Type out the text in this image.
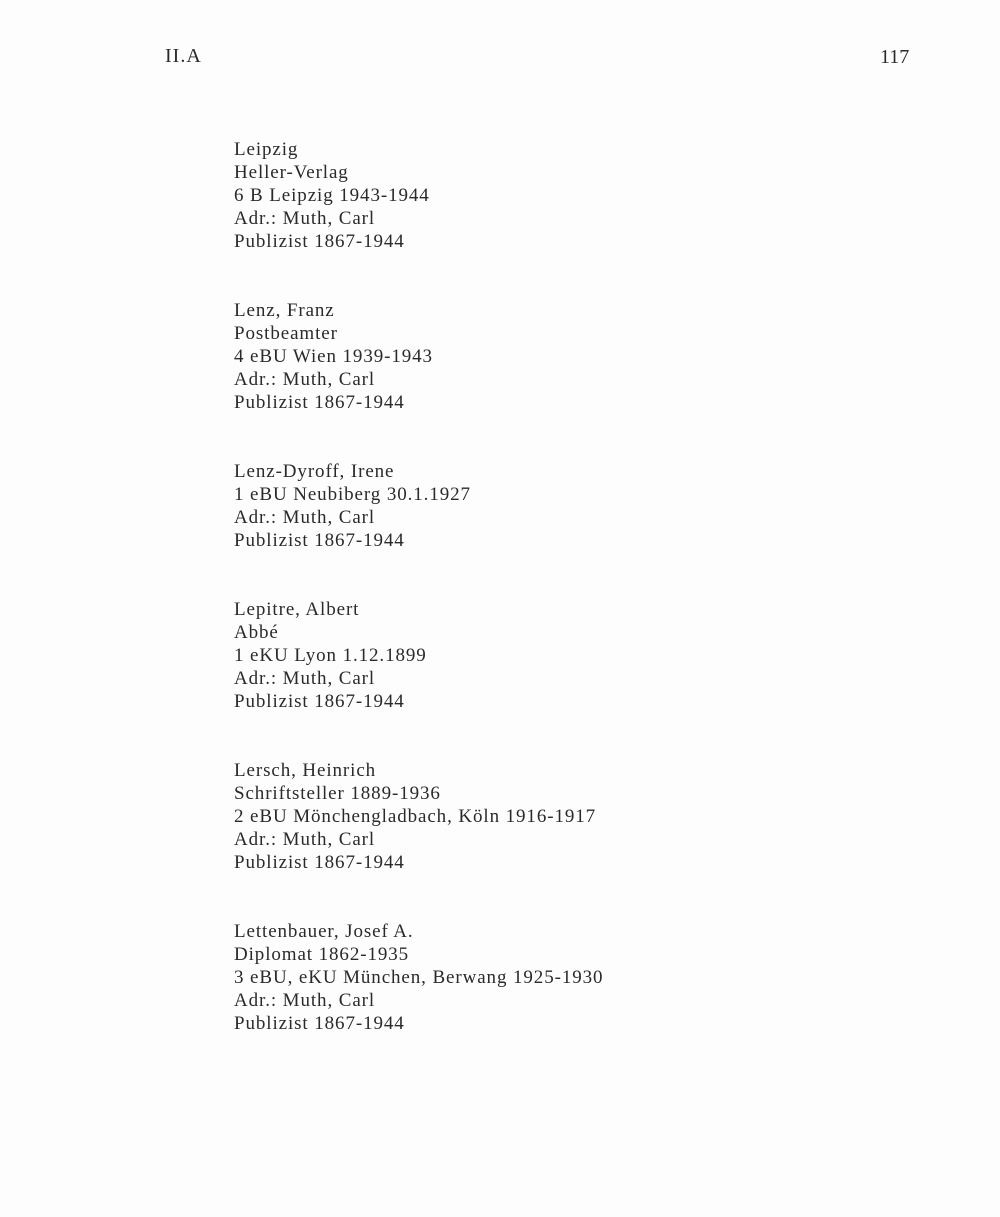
II.A	117
Leipzig
Heller-Verlag
6 B Leipzig 1943-1944
Adr.: Muth, Carl
Publizist 1867-1944
Lenz, Franz
Postbeamter
4 eBU Wien 1939-1943
Adr.: Muth, Carl
Publizist 1867-1944
Lenz-Dyroff, Irene
1 eBU Neubiberg 30.1.1927
Adr.: Muth, Carl
Publizist 1867-1944
Lepitre, Albert
Abbé
1 eKU Lyon 1.12.1899
Adr.: Muth, Carl
Publizist 1867-1944
Lersch, Heinrich
Schriftsteller 1889-1936
2 eBU Mönchengladbach, Köln 1916-1917
Adr.: Muth, Carl
Publizist 1867-1944
Lettenbauer, Josef A.
Diplomat 1862-1935
3 eBU, eKU München, Berwang 1925-1930
Adr.: Muth, Carl
Publizist 1867-1944
